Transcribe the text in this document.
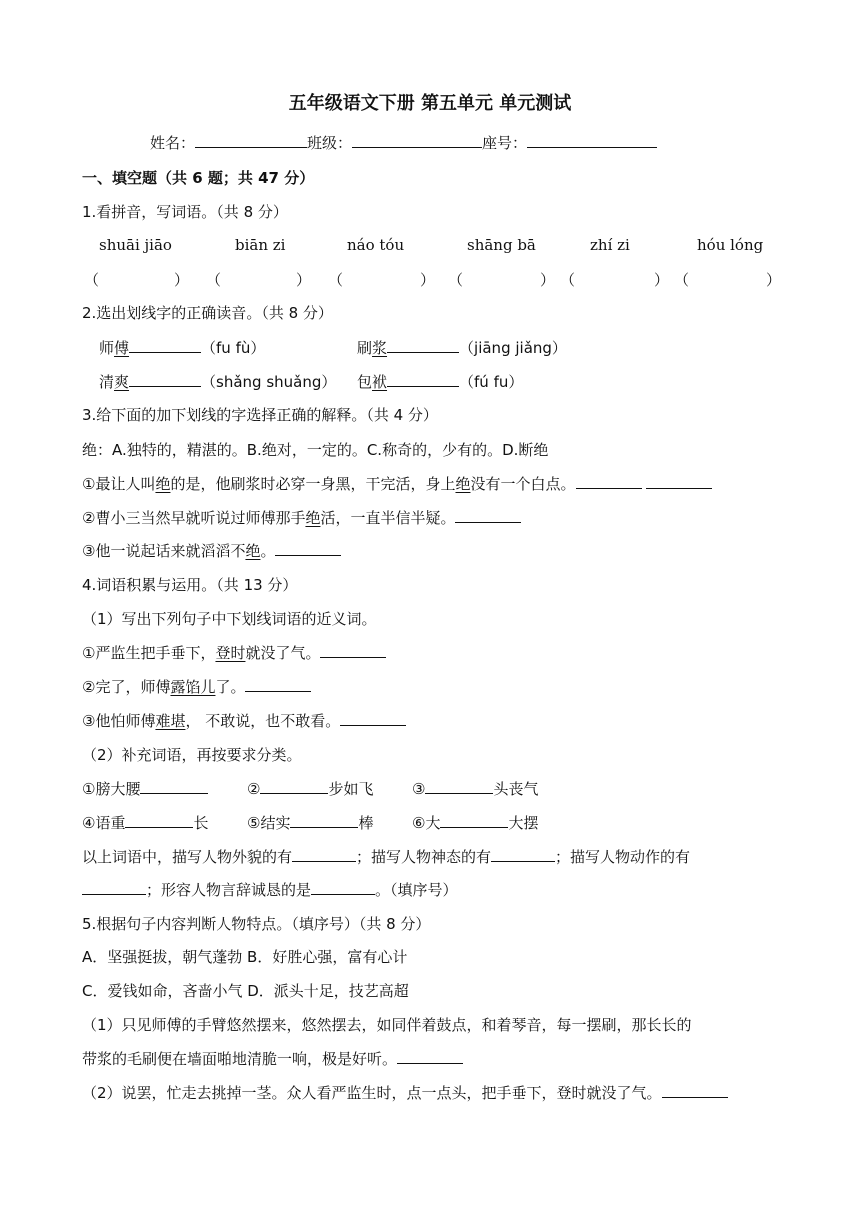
五年级语文下册 第五单元 单元测试
姓名：	班级：	座号：
一、填空题（共 6 题；共 47 分）
1.看拼音，写词语。（共 8 分）
shuāi jiāo	biān zi	náo tóu	shāng bā	zhí zi	hóu lóng
（	） （	） （	） （	） （	） （	）
2.选出划线字的正确读音。（共 8 分）
师傅	（fu fù）	刷浆	（jiāng jiǎng）
清爽	（shǎng shuǎng） 包袱	（fú fu）
3.给下面的加下划线的字选择正确的解释。（共 4 分）
绝：A.独特的，精湛的。B.绝对，一定的。C.称奇的，少有的。D.断绝
①最让人叫绝的是，他刷浆时必穿一身黑，干完活，身上绝没有一个白点。
②曹小三当然早就听说过师傅那手绝活，一直半信半疑。
③他一说起话来就滔滔不绝。
4.词语积累与运用。（共 13 分）
（1）写出下列句子中下划线词语的近义词。
①严监生把手垂下，登时就没了气。
②完了，师傅露馅儿了。
③他怕师傅难堪， 不敢说，也不敢看。
（2）补充词语，再按要求分类。
①膀大腰	②	步如飞	③	头丧气
④语重	长	⑤结实	棒	⑥大	大摆
以上词语中，描写人物外貌的有	；描写人物神态的有	；描写人物动作的有
；形容人物言辞诚恳的是	。（填序号）
5.根据句子内容判断人物特点。（填序号）（共 8 分）
A．坚强挺拔，朝气蓬勃 B．好胜心强，富有心计
C．爱钱如命，吝啬小气 D．派头十足，技艺高超
（1）只见师傅的手臂悠然摆来，悠然摆去，如同伴着鼓点，和着琴音，每一摆刷，那长长的
带浆的毛刷便在墙面啪地清脆一响，极是好听。
（2）说罢，忙走去挑掉一茎。众人看严监生时，点一点头，把手垂下，登时就没了气。
